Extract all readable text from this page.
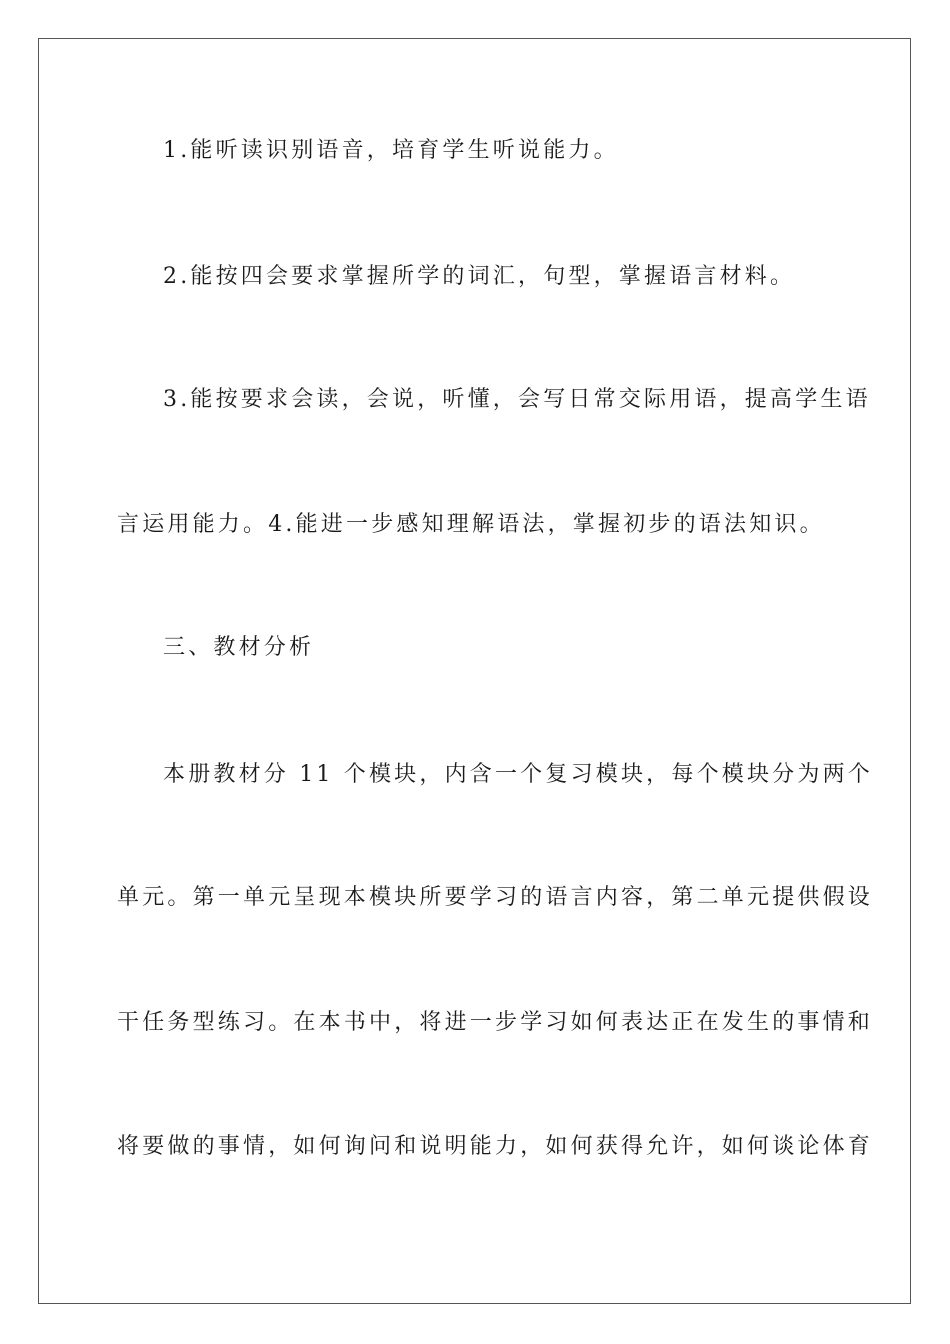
1.能听读识别语音，培育学生听说能力。
2.能按四会要求掌握所学的词汇，句型，掌握语言材料。
3.能按要求会读，会说，听懂，会写日常交际用语，提高学生语
言运用能力。4.能进一步感知理解语法，掌握初步的语法知识。
三、教材分析
本册教材分 11 个模块，内含一个复习模块，每个模块分为两个
单元。第一单元呈现本模块所要学习的语言内容，第二单元提供假设
干任务型练习。在本书中，将进一步学习如何表达正在发生的事情和
将要做的事情，如何询问和说明能力，如何获得允许，如何谈论体育
